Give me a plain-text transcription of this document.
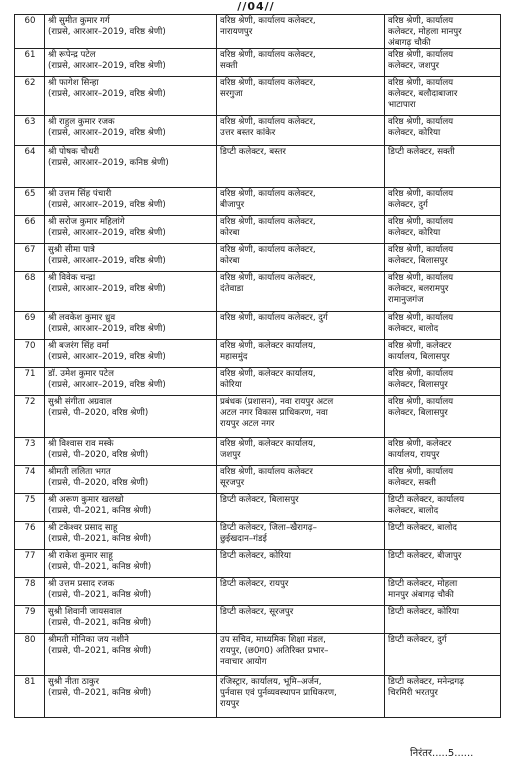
//04//
60	श्री सुमीत कुमार गर्ग
(राप्रसे, आरआर–2019, वरिष्ठ श्रेणी)	वरिष्ठ श्रेणी, कार्यालय कलेक्टर,
नारायणपुर	वरिष्ठ श्रेणी, कार्यालय
कलेक्टर, मोहला मानपुर
अंबागढ़ चौकी

61	श्री रूपेन्द्र पटेल
(राप्रसे, आरआर–2019, वरिष्ठ श्रेणी)	वरिष्ठ श्रेणी, कार्यालय कलेक्टर,
सक्ती	वरिष्ठ श्रेणी, कार्यालय
कलेक्टर, जशपुर

62	श्री फागेश सिन्हा
(राप्रसे, आरआर–2019, वरिष्ठ श्रेणी)	वरिष्ठ श्रेणी, कार्यालय कलेक्टर,
सरगुजा	वरिष्ठ श्रेणी, कार्यालय
कलेक्टर, बलौदाबाजार
भाटापारा

63	श्री राहुल कुमार रजक
(राप्रसे, आरआर–2019, वरिष्ठ श्रेणी)	वरिष्ठ श्रेणी, कार्यालय कलेक्टर,
उत्तर बस्तर कांकेर	वरिष्ठ श्रेणी, कार्यालय
कलेक्टर, कोरिया

64	श्री पोषक चौधरी
(राप्रसे, आरआर–2019, कनिष्ठ श्रेणी)	डिप्टी कलेक्टर, बस्तर	डिप्टी कलेक्टर, सक्ती

65	श्री उत्तम सिंह पंचारी
(राप्रसे, आरआर–2019, वरिष्ठ श्रेणी)	वरिष्ठ श्रेणी, कार्यालय कलेक्टर,
बीजापुर	वरिष्ठ श्रेणी, कार्यालय
कलेक्टर, दुर्ग

66	श्री सरोज कुमार महिलांगे
(राप्रसे, आरआर–2019, वरिष्ठ श्रेणी)	वरिष्ठ श्रेणी, कार्यालय कलेक्टर,
कोरबा	वरिष्ठ श्रेणी, कार्यालय
कलेक्टर, कोरिया

67	सुश्री सीमा पात्रे
(राप्रसे, आरआर–2019, वरिष्ठ श्रेणी)	वरिष्ठ श्रेणी, कार्यालय कलेक्टर,
कोरबा	वरिष्ठ श्रेणी, कार्यालय
कलेक्टर, बिलासपुर

68	श्री विवेक चन्द्रा
(राप्रसे, आरआर–2019, वरिष्ठ श्रेणी)	वरिष्ठ श्रेणी, कार्यालय कलेक्टर,
दंतेवाडा	वरिष्ठ श्रेणी, कार्यालय
कलेक्टर, बलरामपुर
रामानुजगंज

69	श्री लवकेश कुमार ध्रुव
(राप्रसे, आरआर–2019, वरिष्ठ श्रेणी)	वरिष्ठ श्रेणी, कार्यालय कलेक्टर, दुर्ग	वरिष्ठ श्रेणी, कार्यालय
कलेक्टर, बालोद

70	श्री बजरंग सिंह वर्मा
(राप्रसे, आरआर–2019, वरिष्ठ श्रेणी)	वरिष्ठ श्रेणी, कलेक्टर कार्यालय,
महासमुंद	वरिष्ठ श्रेणी, कलेक्टर
कार्यालय, बिलासपुर

71	डॉ. उमेश कुमार पटेल
(राप्रसे, आरआर–2019, वरिष्ठ श्रेणी)	वरिष्ठ श्रेणी, कलेक्टर कार्यालय,
कोरिया	वरिष्ठ श्रेणी, कार्यालय
कलेक्टर, बिलासपुर

72	सुश्री संगीता अग्रवाल
(राप्रसे, पी–2020, वरिष्ठ श्रेणी)	प्रबंधक (प्रशासन), नवा रायपुर अटल
अटल नगर विकास प्राधिकरण, नवा
रायपुर अटल नगर	वरिष्ठ श्रेणी, कार्यालय
कलेक्टर, बिलासपुर

73	श्री विश्वास राव मस्के
(राप्रसे, पी–2020, वरिष्ठ श्रेणी)	वरिष्ठ श्रेणी, कलेक्टर कार्यालय,
जशपुर	वरिष्ठ श्रेणी, कलेक्टर
कार्यालय, रायपुर

74	श्रीमती ललिता भगत
(राप्रसे, पी–2020, वरिष्ठ श्रेणी)	वरिष्ठ श्रेणी, कार्यालय कलेक्टर
सूरजपुर	वरिष्ठ श्रेणी, कार्यालय
कलेक्टर, सक्ती

75	श्री अरूण कुमार खलखो
(राप्रसे, पी–2021, कनिष्ठ श्रेणी)	डिप्टी कलेक्टर, बिलासपुर	डिप्टी कलेक्टर, कार्यालय
कलेक्टर, बालोद

76	श्री टकेश्वर प्रसाद साहू
(राप्रसे, पी–2021, कनिष्ठ श्रेणी)	डिप्टी कलेक्टर, जिला–खैरागढ़–
छुईखदान–गंडई	डिप्टी कलेक्टर, बालोद

77	श्री राकेश कुमार साहू
(राप्रसे, पी–2021, कनिष्ठ श्रेणी)	डिप्टी कलेक्टर, कोरिया	डिप्टी कलेक्टर, बीजापुर

78	श्री उत्तम प्रसाद रजक
(राप्रसे, पी–2021, कनिष्ठ श्रेणी)	डिप्टी कलेक्टर, रायपुर	डिप्टी कलेक्टर, मोहला
मानपुर अंबागढ़ चौकी

79	सुश्री शिवानी जायसवाल
(राप्रसे, पी–2021, कनिष्ठ श्रेणी)	डिप्टी कलेक्टर, सूरजपुर	डिप्टी कलेक्टर, कोरिया

80	श्रीमती मोनिका जय नशीने
(राप्रसे, पी–2021, कनिष्ठ श्रेणी)	उप सचिव, माध्यमिक शिक्षा मंडल,
रायपुर, (छ0ग0) अतिरिक्त प्रभार–
नवाचार आयोग	डिप्टी कलेक्टर, दुर्ग

81	सुश्री नीता ठाकुर
(राप्रसे, पी–2021, कनिष्ठ श्रेणी)	रजिस्ट्रार, कार्यालय, भूमि–अर्जन,
पुर्नवास एवं पुर्नव्यवस्थापन प्राधिकरण,
रायपुर	डिप्टी कलेक्टर, मनेन्द्रगढ़
चिरमिरी भरतपुर
निरंतर.....5......
